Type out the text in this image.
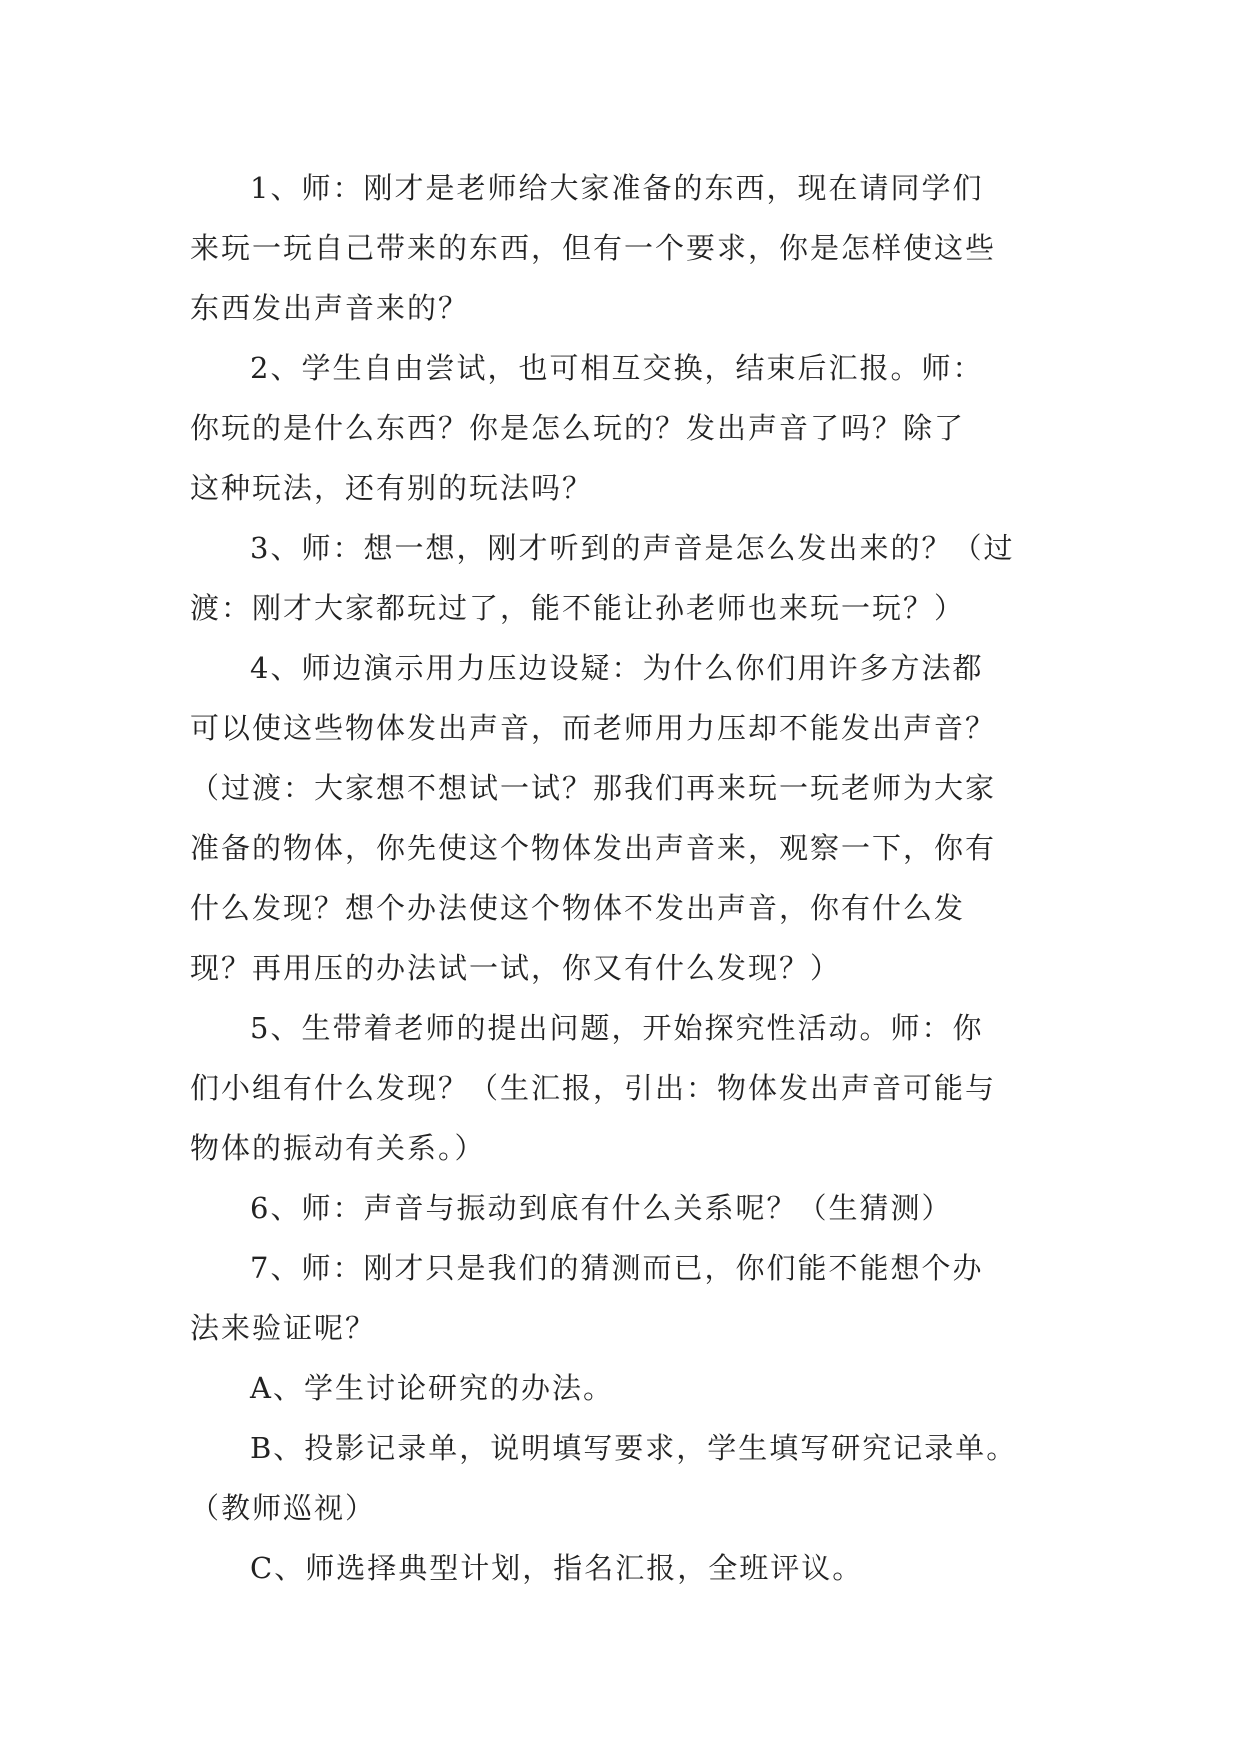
1、师：刚才是老师给大家准备的东西，现在请同学们
来玩一玩自己带来的东西，但有一个要求，你是怎样使这些
东西发出声音来的？
2、学生自由尝试，也可相互交换，结束后汇报。师：
你玩的是什么东西？你是怎么玩的？发出声音了吗？除了
这种玩法，还有别的玩法吗？
3、师：想一想，刚才听到的声音是怎么发出来的？（过
渡：刚才大家都玩过了，能不能让孙老师也来玩一玩？）
4、师边演示用力压边设疑：为什么你们用许多方法都
可以使这些物体发出声音，而老师用力压却不能发出声音？
（过渡：大家想不想试一试？那我们再来玩一玩老师为大家
准备的物体，你先使这个物体发出声音来，观察一下，你有
什么发现？想个办法使这个物体不发出声音，你有什么发
现？再用压的办法试一试，你又有什么发现？）
5、生带着老师的提出问题，开始探究性活动。师：你
们小组有什么发现？（生汇报，引出：物体发出声音可能与
物体的振动有关系。）
6、师：声音与振动到底有什么关系呢？（生猜测）
7、师：刚才只是我们的猜测而已，你们能不能想个办
法来验证呢？
A、学生讨论研究的办法。
B、投影记录单，说明填写要求，学生填写研究记录单。
（教师巡视）
C、师选择典型计划，指名汇报，全班评议。
